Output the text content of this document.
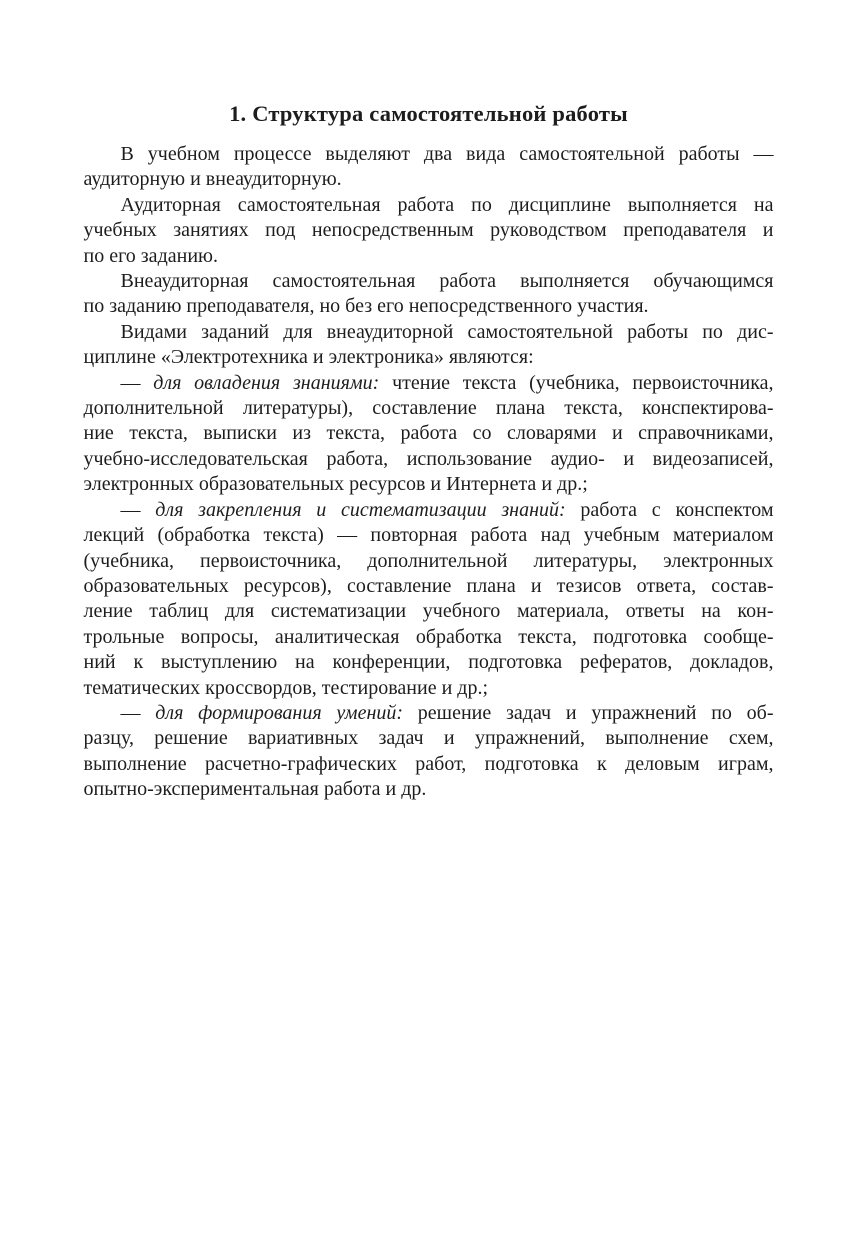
1. Структура самостоятельной работы
В учебном процессе выделяют два вида самостоятельной работы —
аудиторную и внеаудиторную.
Аудиторная самостоятельная работа по дисциплине выполняется на
учебных занятиях под непосредственным руководством преподавателя и
по его заданию.
Внеаудиторная самостоятельная работа выполняется обучающимся
по заданию преподавателя, но без его непосредственного участия.
Видами заданий для внеаудиторной самостоятельной работы по дис-
циплине «Электротехника и электроника» являются:
— для овладения знаниями: чтение текста (учебника, первоисточника,
дополнительной литературы), составление плана текста, конспектирова-
ние текста, выписки из текста, работа со словарями и справочниками,
учебно-исследовательская работа, использование аудио- и видеозаписей,
электронных образовательных ресурсов и Интернета и др.;
— для закрепления и систематизации знаний: работа с конспектом
лекций (обработка текста) — повторная работа над учебным материалом
(учебника, первоисточника, дополнительной литературы, электронных
образовательных ресурсов), составление плана и тезисов ответа, состав-
ление таблиц для систематизации учебного материала, ответы на кон-
трольные вопросы, аналитическая обработка текста, подготовка сообще-
ний к выступлению на конференции, подготовка рефератов, докладов,
тематических кроссвордов, тестирование и др.;
— для формирования умений: решение задач и упражнений по об-
разцу, решение вариативных задач и упражнений, выполнение схем,
выполнение расчетно-графических работ, подготовка к деловым играм,
опытно-экспериментальная работа и др.
